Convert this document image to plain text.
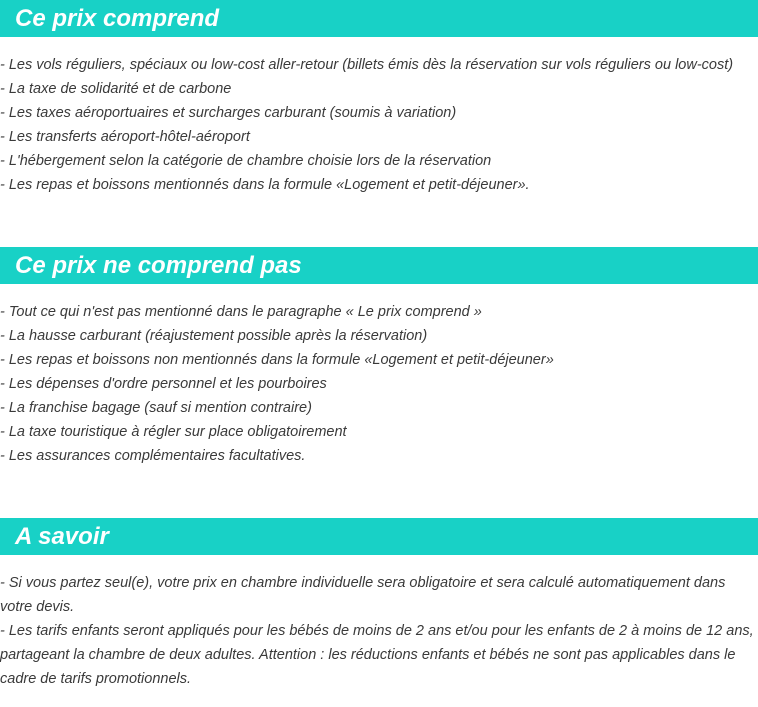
Ce prix comprend
- Les vols réguliers, spéciaux ou low-cost aller-retour (billets émis dès la réservation sur vols réguliers ou low-cost)
- La taxe de solidarité et de carbone
- Les taxes aéroportuaires et surcharges carburant (soumis à variation)
- Les transferts aéroport-hôtel-aéroport
- L'hébergement selon la catégorie de chambre choisie lors de la réservation
- Les repas et boissons mentionnés dans la formule «Logement et petit-déjeuner».
Ce prix ne comprend pas
- Tout ce qui n'est pas mentionné dans le paragraphe « Le prix comprend »
- La hausse carburant (réajustement possible après la réservation)
- Les repas et boissons non mentionnés dans la formule «Logement et petit-déjeuner»
- Les dépenses d'ordre personnel et les pourboires
- La franchise bagage (sauf si mention contraire)
- La taxe touristique à régler sur place obligatoirement
- Les assurances complémentaires facultatives.
A savoir
- Si vous partez seul(e), votre prix en chambre individuelle sera obligatoire et sera calculé automatiquement dans votre devis.
- Les tarifs enfants seront appliqués pour les bébés de moins de 2 ans et/ou pour les enfants de 2 à moins de 12 ans, partageant la chambre de deux adultes. Attention : les réductions enfants et bébés ne sont pas applicables dans le cadre de tarifs promotionnels.
